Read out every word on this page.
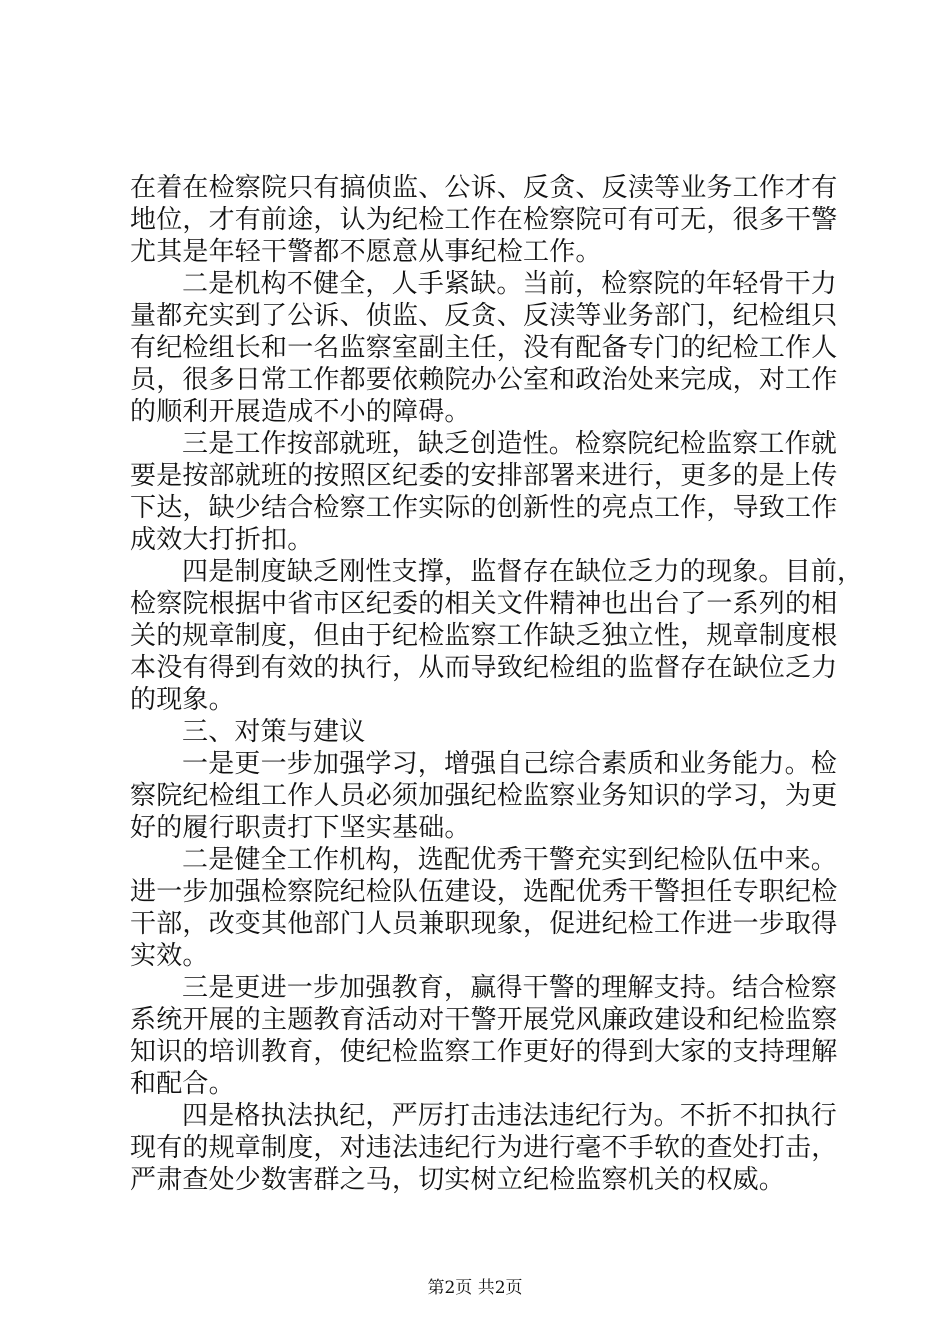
在着在检察院只有搞侦监、公诉、反贪、反渎等业务工作才有
地位，才有前途，认为纪检工作在检察院可有可无，很多干警
尤其是年轻干警都不愿意从事纪检工作。
二是机构不健全，人手紧缺。当前，检察院的年轻骨干力
量都充实到了公诉、侦监、反贪、反渎等业务部门，纪检组只
有纪检组长和一名监察室副主任，没有配备专门的纪检工作人
员，很多日常工作都要依赖院办公室和政治处来完成，对工作
的顺利开展造成不小的障碍。
三是工作按部就班，缺乏创造性。检察院纪检监察工作就
要是按部就班的按照区纪委的安排部署来进行，更多的是上传
下达，缺少结合检察工作实际的创新性的亮点工作，导致工作
成效大打折扣。
四是制度缺乏刚性支撑，监督存在缺位乏力的现象。目前，
检察院根据中省市区纪委的相关文件精神也出台了一系列的相
关的规章制度，但由于纪检监察工作缺乏独立性，规章制度根
本没有得到有效的执行，从而导致纪检组的监督存在缺位乏力
的现象。
三、对策与建议
一是更一步加强学习，增强自己综合素质和业务能力。检
察院纪检组工作人员必须加强纪检监察业务知识的学习，为更
好的履行职责打下坚实基础。
二是健全工作机构，选配优秀干警充实到纪检队伍中来。
进一步加强检察院纪检队伍建设，选配优秀干警担任专职纪检
干部，改变其他部门人员兼职现象，促进纪检工作进一步取得
实效。
三是更进一步加强教育，赢得干警的理解支持。结合检察
系统开展的主题教育活动对干警开展党风廉政建设和纪检监察
知识的培训教育，使纪检监察工作更好的得到大家的支持理解
和配合。
四是格执法执纪，严厉打击违法违纪行为。不折不扣执行
现有的规章制度，对违法违纪行为进行毫不手软的查处打击，
严肃查处少数害群之马，切实树立纪检监察机关的权威。
第2页 共2页
